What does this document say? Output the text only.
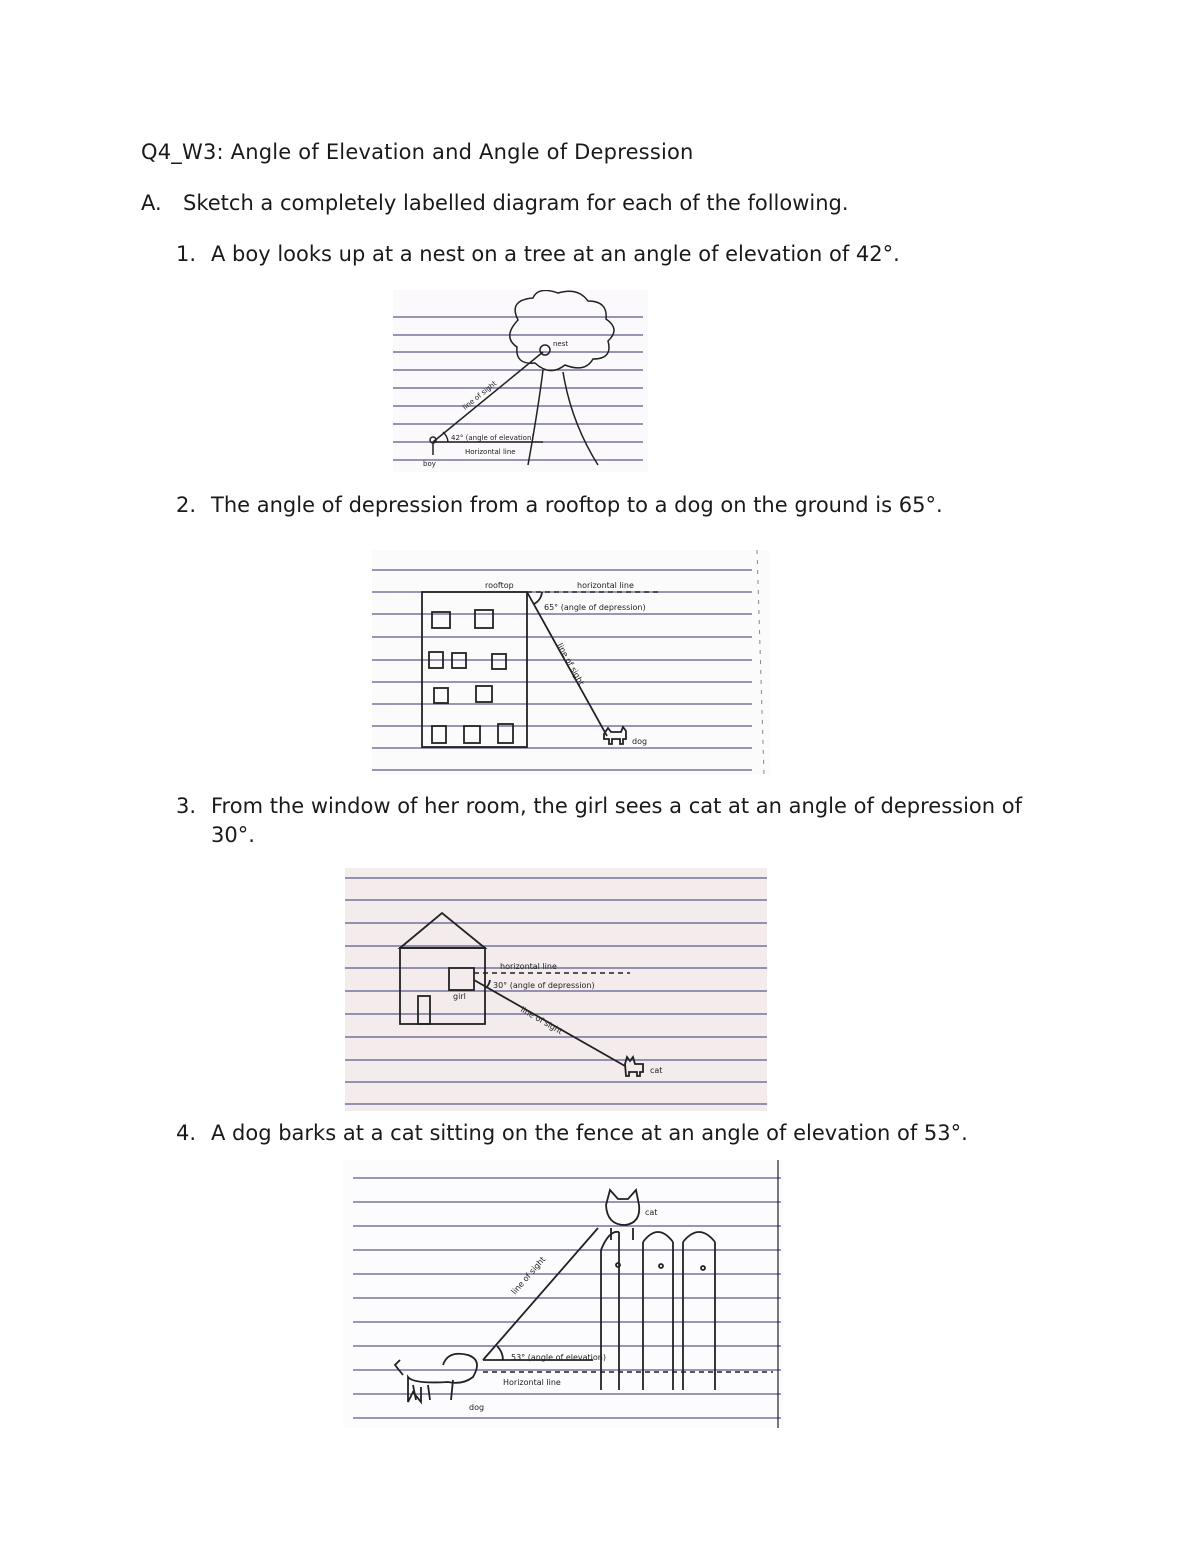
Q4_W3: Angle of Elevation and Angle of Depression
A. Sketch a completely labelled diagram for each of the following.
1. A boy looks up at a nest on a tree at an angle of elevation of 42°.
nest
line of sight
42° (angle of elevation)
Horizontal line
boy
2. The angle of depression from a rooftop to a dog on the ground is 65°.
rooftop	horizontal line
65° (angle of depression)
line of sight
dog
3. From the window of her room, the girl sees a cat at an angle of depression of 30°.
horizontal line
30° (angle of depression)
girl
line of sight
cat
4. A dog barks at a cat sitting on the fence at an angle of elevation of 53°.
cat
line of sight
53° (angle of elevation)
Horizontal line
dog
